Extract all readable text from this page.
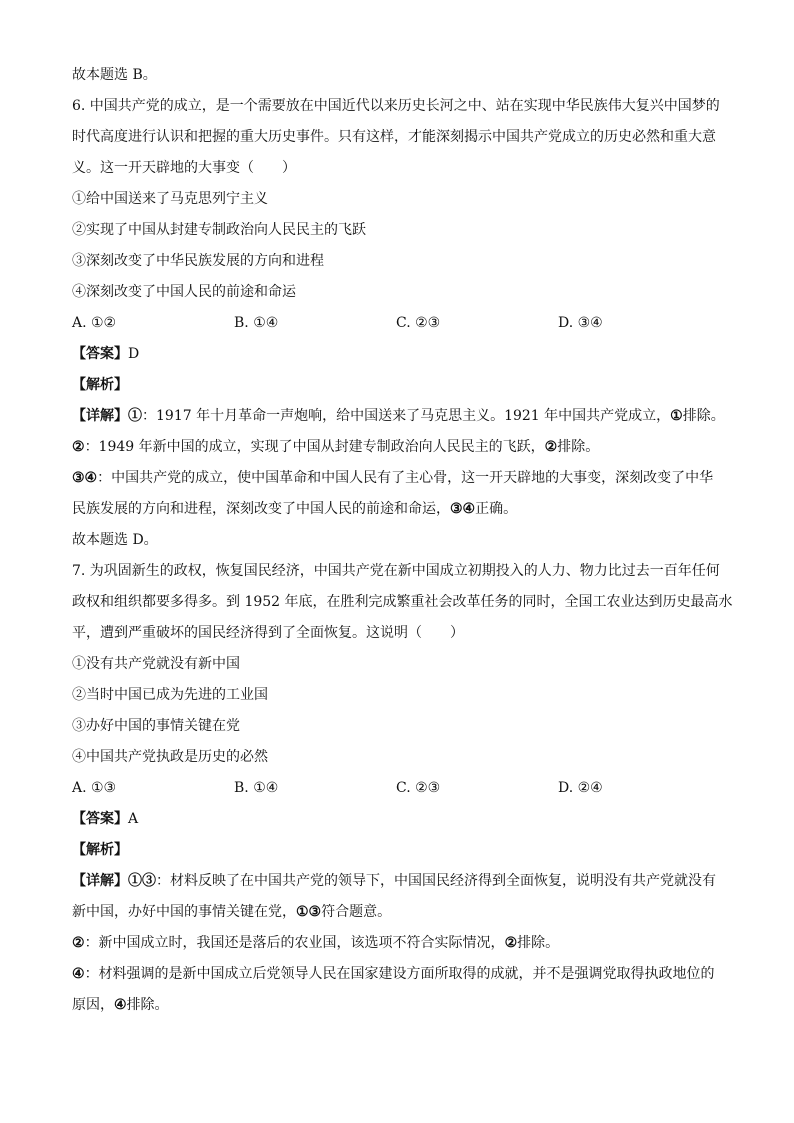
故本题选 B。
6. 中国共产党的成立，是一个需要放在中国近代以来历史长河之中、站在实现中华民族伟大复兴中国梦的
时代高度进行认识和把握的重大历史事件。只有这样，才能深刻揭示中国共产党成立的历史必然和重大意
义。这一开天辟地的大事变（　　）
①给中国送来了马克思列宁主义
②实现了中国从封建专制政治向人民民主的飞跃
③深刻改变了中华民族发展的方向和进程
④深刻改变了中国人民的前途和命运
A. ①②	B. ①④	C. ②③	D. ③④
【答案】D
【解析】
【详解】①：1917 年十月革命一声炮响，给中国送来了马克思主义。1921 年中国共产党成立，①排除。
②：1949 年新中国的成立，实现了中国从封建专制政治向人民民主的飞跃，②排除。
③④：中国共产党的成立，使中国革命和中国人民有了主心骨，这一开天辟地的大事变，深刻改变了中华
民族发展的方向和进程，深刻改变了中国人民的前途和命运，③④正确。
故本题选 D。
7. 为巩固新生的政权，恢复国民经济，中国共产党在新中国成立初期投入的人力、物力比过去一百年任何
政权和组织都要多得多。到 1952 年底，在胜利完成繁重社会改革任务的同时，全国工农业达到历史最高水
平，遭到严重破坏的国民经济得到了全面恢复。这说明（　　）
①没有共产党就没有新中国
②当时中国已成为先进的工业国
③办好中国的事情关键在党
④中国共产党执政是历史的必然
A. ①③	B. ①④	C. ②③	D. ②④
【答案】A
【解析】
【详解】①③：材料反映了在中国共产党的领导下，中国国民经济得到全面恢复，说明没有共产党就没有
新中国，办好中国的事情关键在党，①③符合题意。
②：新中国成立时，我国还是落后的农业国，该选项不符合实际情况，②排除。
④：材料强调的是新中国成立后党领导人民在国家建设方面所取得的成就，并不是强调党取得执政地位的
原因，④排除。
